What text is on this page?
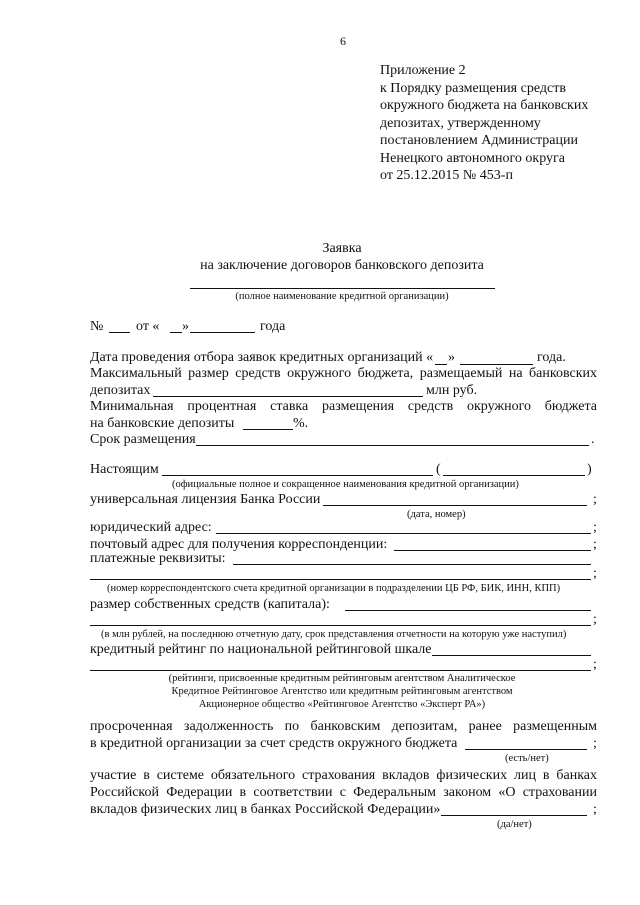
6
Приложение 2
к Порядку размещения средств
окружного бюджета на банковских
депозитах, утвержденному
постановлением Администрации
Ненецкого автономного округа
от 25.12.2015 № 453-п
Заявка
на заключение договоров банковского депозита
(полное наименование кредитной организации)
№ от « »	года
Дата проведения отбора заявок кредитных организаций « »	года.
Максимальный размер средств окружного бюджета, размещаемый на банковских
депозитах	млн руб.
Минимальная процентная ставка размещения средств окружного бюджета
на банковские депозиты	%.
Срок размещения	.
Настоящим	(	)
(официальные полное и сокращенное наименования кредитной организации)
универсальная лицензия Банка России	;
(дата, номер)
юридический адрес:	;
почтовый адрес для получения корреспонденции:	;
платежные реквизиты:
;
(номер корреспондентского счета кредитной организации в подразделении ЦБ РФ, БИК, ИНН, КПП)
размер собственных средств (капитала):
;
(в млн рублей, на последнюю отчетную дату, срок представления отчетности на которую уже наступил)
кредитный рейтинг по национальной рейтинговой шкале
;
(рейтинги, присвоенные кредитным рейтинговым агентством Аналитическое
Кредитное Рейтинговое Агентство или кредитным рейтинговым агентством
Акционерное общество «Рейтинговое Агентство «Эксперт РА»)
просроченная задолженность по банковским депозитам, ранее размещенным
в кредитной организации за счет средств окружного бюджета	;
(есть/нет)
участие в системе обязательного страхования вкладов физических лиц в банках
Российской Федерации в соответствии с Федеральным законом «О страховании
вкладов физических лиц в банках Российской Федерации»	;
(да/нет)
